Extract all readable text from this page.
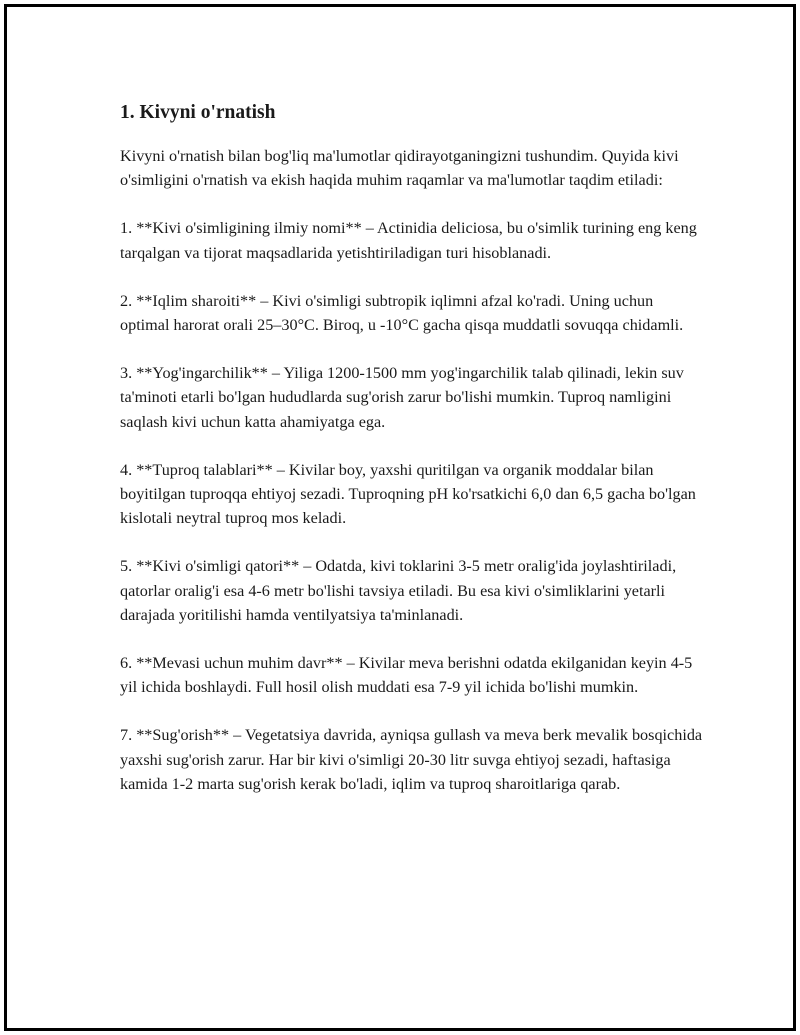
1. Kivyni o'rnatish

Kivyni o'rnatish bilan bog'liq ma'lumotlar qidirayotganingizni tushundim. Quyida kivi o'simligini o'rnatish va ekish haqida muhim raqamlar va ma'lumotlar taqdim etiladi:

1. **Kivi o'simligining ilmiy nomi** – Actinidia deliciosa, bu o'simlik turining eng keng tarqalgan va tijorat maqsadlarida yetishtiriladigan turi hisoblanadi.

2. **Iqlim sharoiti** – Kivi o'simligi subtropik iqlimni afzal ko'radi. Uning uchun optimal harorat orali 25–30°C. Biroq, u -10°C gacha qisqa muddatli sovuqqa chidamli.

3. **Yog'ingarchilik** – Yiliga 1200-1500 mm yog'ingarchilik talab qilinadi, lekin suv ta'minoti etarli bo'lgan hududlarda sug'orish zarur bo'lishi mumkin. Tuproq namligini saqlash kivi uchun katta ahamiyatga ega.

4. **Tuproq talablari** – Kivilar boy, yaxshi quritilgan va organik moddalar bilan boyitilgan tuproqqa ehtiyoj sezadi. Tuproqning pH ko'rsatkichi 6,0 dan 6,5 gacha bo'lgan kislotali neytral tuproq mos keladi.

5. **Kivi o'simligi qatori** – Odatda, kivi toklarini 3-5 metr oralig'ida joylashtiriladi, qatorlar oralig'i esa 4-6 metr bo'lishi tavsiya etiladi. Bu esa kivi o'simliklarini yetarli darajada yoritilishi hamda ventilyatsiya ta'minlanadi.

6. **Mevasi uchun muhim davr** – Kivilar meva berishni odatda ekilganidan keyin 4-5 yil ichida boshlaydi. Full hosil olish muddati esa 7-9 yil ichida bo'lishi mumkin.

7. **Sug'orish** – Vegetatsiya davrida, ayniqsa gullash va meva berk mevalik bosqichida yaxshi sug'orish zarur. Har bir kivi o'simligi 20-30 litr suvga ehtiyoj sezadi, haftasiga kamida 1-2 marta sug'orish kerak bo'ladi, iqlim va tuproq sharoitlariga qarab.
